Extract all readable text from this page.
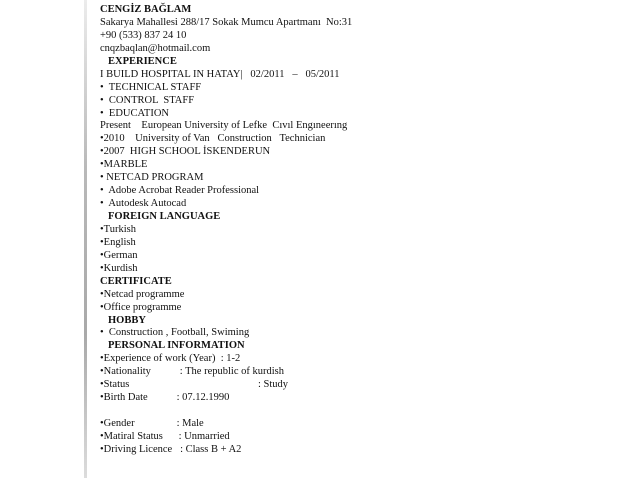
CENGİZ BAĞLAM
Sakarya Mahallesi 288/17 Sokak Mumcu Apartmanı  No:31
+90 (533) 837 24 10
cnqzbaqlan@hotmail.com
EXPERIENCE
I BUILD HOSPITAL IN HATAY|   02/2011   –   05/2011
•  TECHNICAL STAFF
•  CONTROL  STAFF
•  EDUCATION
Present    European University of Lefke  Cıvıl Engıneerıng
•2010    University of Van   Construction   Technician
•2007  HIGH SCHOOL İSKENDERUN
•MARBLE
• NETCAD PROGRAM
•  Adobe Acrobat Reader Professional
•  Autodesk Autocad
FOREIGN LANGUAGE
•Turkish
•English
•German
•Kurdish
CERTIFICATE
•Netcad programme
•Office programme
HOBBY
•  Construction , Football, Swiming
PERSONAL INFORMATION
•Experience of work (Year)  : 1-2
•Nationality           : The republic of kurdish
•Status                                                 : Study
•Birth Date           : 07.12.1990
•Gender                : Male
•Matiral Status      : Unmarried
•Driving Licence   : Class B + A2
